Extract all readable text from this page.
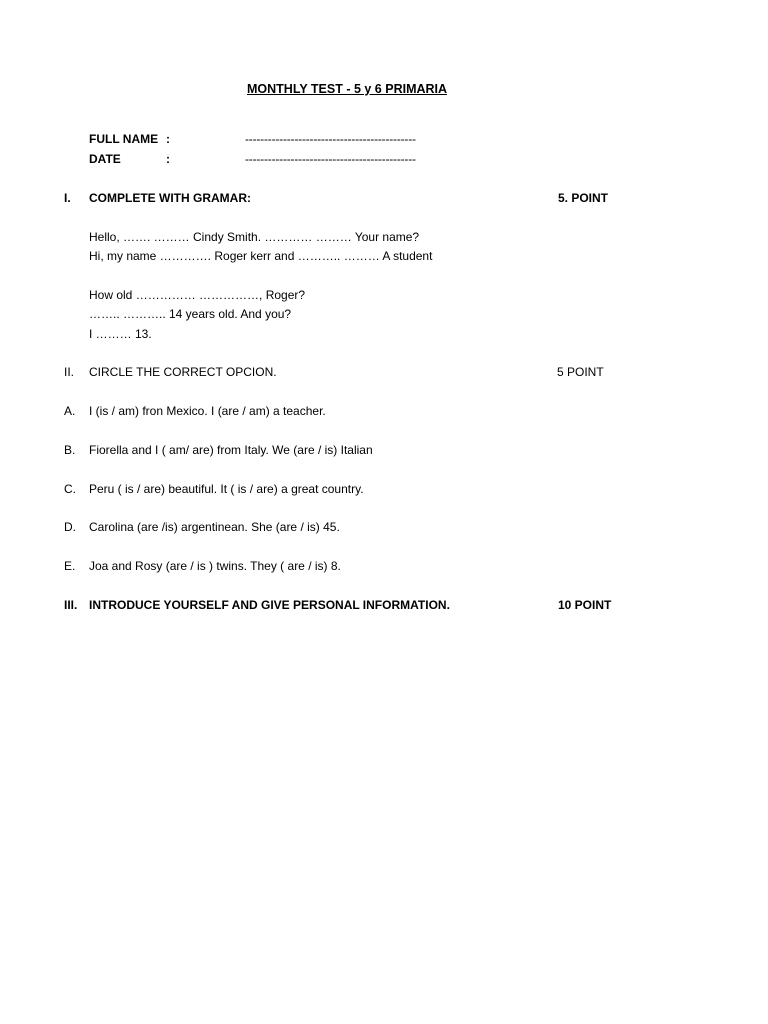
MONTHLY TEST - 5 y 6 PRIMARIA
FULL NAME :	---------------------------------------------
DATE	:	---------------------------------------------
I. COMPLETE WITH GRAMAR:	5. POINT
Hello, ……. ……… Cindy Smith. ………… ……… Your name?
Hi, my name …………. Roger kerr and ……….. ……… A student
How old …………… ……………, Roger?
…….. ……….. 14 years old. And you?
I ……… 13.
II. CIRCLE THE CORRECT OPCION.	5 POINT
A. I (is / am) fron Mexico. I (are / am) a teacher.
B. Fiorella and I ( am/ are) from Italy. We (are / is) Italian
C. Peru ( is / are) beautiful. It ( is / are) a great country.
D. Carolina (are /is) argentinean. She (are / is) 45.
E. Joa and Rosy (are / is ) twins. They ( are / is) 8.
III. INTRODUCE YOURSELF AND GIVE PERSONAL INFORMATION.	10 POINT
